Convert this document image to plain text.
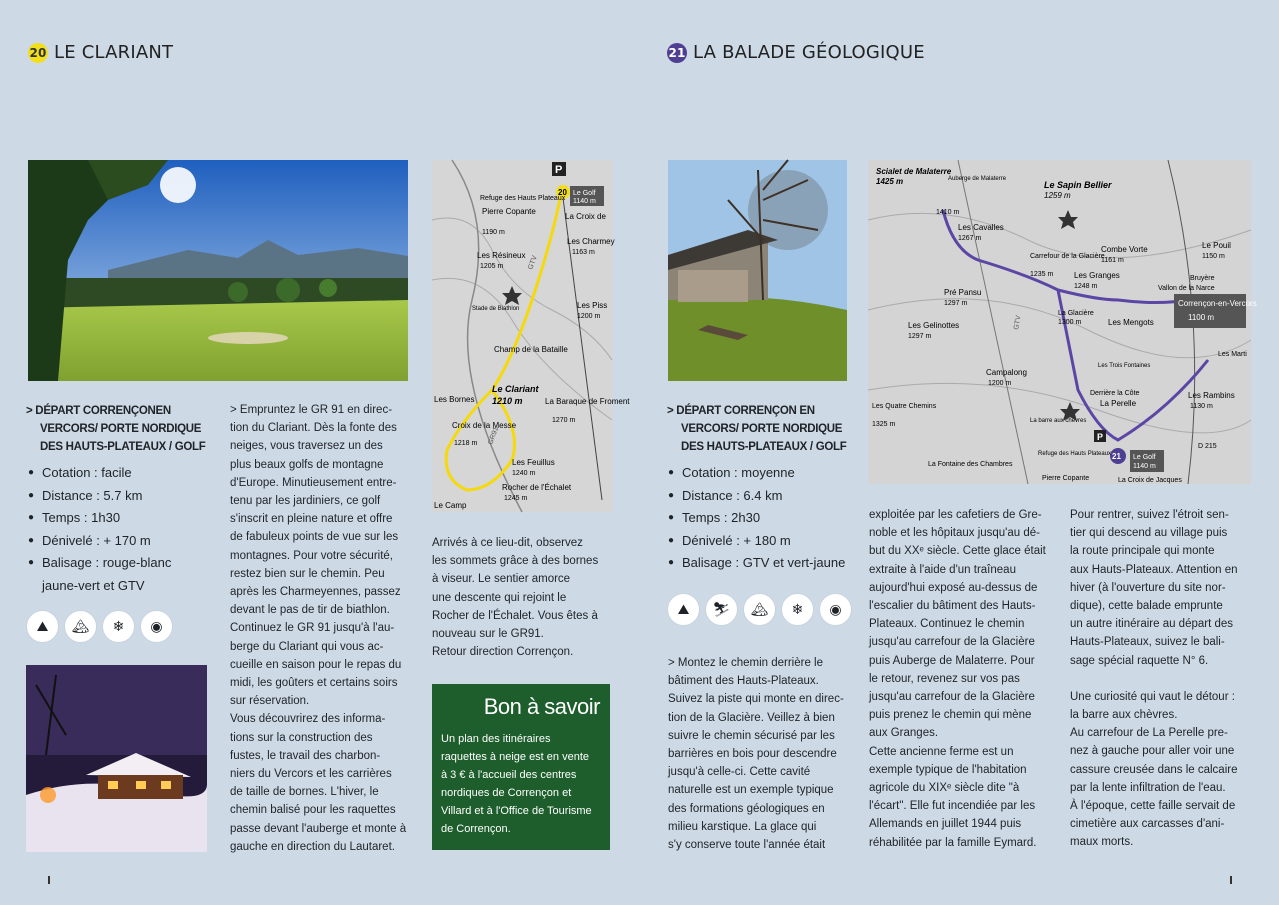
20 LE CLARIANT
P
20 Le Golf
1140 m
Refuge des Hauts Plateaux
Pierre Copante
1190 m
La Croix de
Les Résineux
1205 m
Les Charmey
1163 m
Stade de Biathlon	Les Piss
1200 m
Champ de la Bataille
Le Clariant
1210 m	La Baraque de Froment
1270 m
Les Bornes
Croix de la Messe
1218 m
Les Feuillus
1240 m
Rocher de l'Échalet
1245 m
Le Camp
GR91
GTV
> DÉPART CORRENÇONEN
VERCORS/ PORTE NORDIQUE
DES HAUTS-PLATEAUX / GOLF
● Cotation : facile
● Distance : 5.7 km
● Temps : 1h30
● Dénivelé : + 170 m
● Balisage : rouge-blanc jaune-vert et GTV
⛰	🏔	❄	◉
> Empruntez le GR 91 en direc-
tion du Clariant. Dès la fonte des
neiges, vous traversez un des
plus beaux golfs de montagne
d'Europe. Minutieusement entre-
tenu par les jardiniers, ce golf
s'inscrit en pleine nature et offre
de fabuleux points de vue sur les
montagnes. Pour votre sécurité,
restez bien sur le chemin. Peu
après les Charmeyennes, passez
devant le pas de tir de biathlon.
Continuez le GR 91 jusqu'à l'au-
berge du Clariant qui vous ac-
cueille en saison pour le repas du
midi, les goûters et certains soirs
sur réservation.
Vous découvrirez des informa-
tions sur la construction des
fustes, le travail des charbon-
niers du Vercors et les carrières
de taille de bornes. L'hiver, le
chemin balisé pour les raquettes
passe devant l'auberge et monte à
gauche en direction du Lautaret.
Arrivés à ce lieu-dit, observez
les sommets grâce à des bornes
à viseur. Le sentier amorce
une descente qui rejoint le
Rocher de l'Échalet. Vous êtes à
nouveau sur le GR91.
Retour direction Corrençon.
Bon à savoir
Un plan des itinéraires
raquettes à neige est en vente
à 3 € à l'accueil des centres
nordiques de Corrençon et
Villard et à l'Office de Tourisme
de Corrençon.
21 LA BALADE GÉOLOGIQUE
Corrençon-en-Vercors
1100 m
21 Le Golf
1140 m
P
Scialet de Malaterre
1425 m	Auberge de Malaterre
1410 m
Le Sapin Bellier
1259 m
Les Cavalles
1267 m
Combe Vorte
1161 m
Le Pouil
1150 m
Carrefour de la Glacière
1235 m	Les Granges
1248 m
Bruyère
Vallon de la Narce
Pré Pansu
1297 m
La Glacière
1300 m	Les Mengots
Les Gelinottes
1297 m
Les Marti
Campalong
1200 m
Les Trois Fontaines
Derrière la Côte
La Perelle
Les Rambins
1130 m
Les Quatre Chemins
1325 m	La barre aux chèvres
Refuge des Hauts Plateaux
La Fontaine des Chambres
La Croix de Jacques
Pierre Copante
GTV
D 215
> DÉPART CORRENÇON EN
VERCORS/ PORTE NORDIQUE
DES HAUTS-PLATEAUX / GOLF
● Cotation : moyenne
● Distance : 6.4 km
● Temps : 2h30
● Dénivelé : + 180 m
● Balisage : GTV et vert-jaune
⛰	⛷	🏔	❄	◉
> Montez le chemin derrière le
bâtiment des Hauts-Plateaux.
Suivez la piste qui monte en direc-
tion de la Glacière. Veillez à bien
suivre le chemin sécurisé par les
barrières en bois pour descendre
jusqu'à celle-ci. Cette cavité
naturelle est un exemple typique
des formations géologiques en
milieu karstique. La glace qui
s'y conserve toute l'année était
exploitée par les cafetiers de Gre-
noble et les hôpitaux jusqu'au dé-
but du XXᵉ siècle. Cette glace était
extraite à l'aide d'un traîneau
aujourd'hui exposé au-dessus de
l'escalier du bâtiment des Hauts-
Plateaux. Continuez le chemin
jusqu'au carrefour de la Glacière
puis Auberge de Malaterre. Pour
le retour, revenez sur vos pas
jusqu'au carrefour de la Glacière
puis prenez le chemin qui mène
aux Granges.
Cette ancienne ferme est un
exemple typique de l'habitation
agricole du XIXᵉ siècle dite "à
l'écart". Elle fut incendiée par les
Allemands en juillet 1944 puis
réhabilitée par la famille Eymard.
Pour rentrer, suivez l'étroit sen-
tier qui descend au village puis
la route principale qui monte
aux Hauts-Plateaux. Attention en
hiver (à l'ouverture du site nor-
dique), cette balade emprunte
un autre itinéraire au départ des
Hauts-Plateaux, suivez le bali-
sage spécial raquette N° 6.
Une curiosité qui vaut le détour :
la barre aux chèvres.
Au carrefour de La Perelle pre-
nez à gauche pour aller voir une
cassure creusée dans le calcaire
par la lente infiltration de l'eau.
À l'époque, cette faille servait de
cimetière aux carcasses d'ani-
maux morts.
